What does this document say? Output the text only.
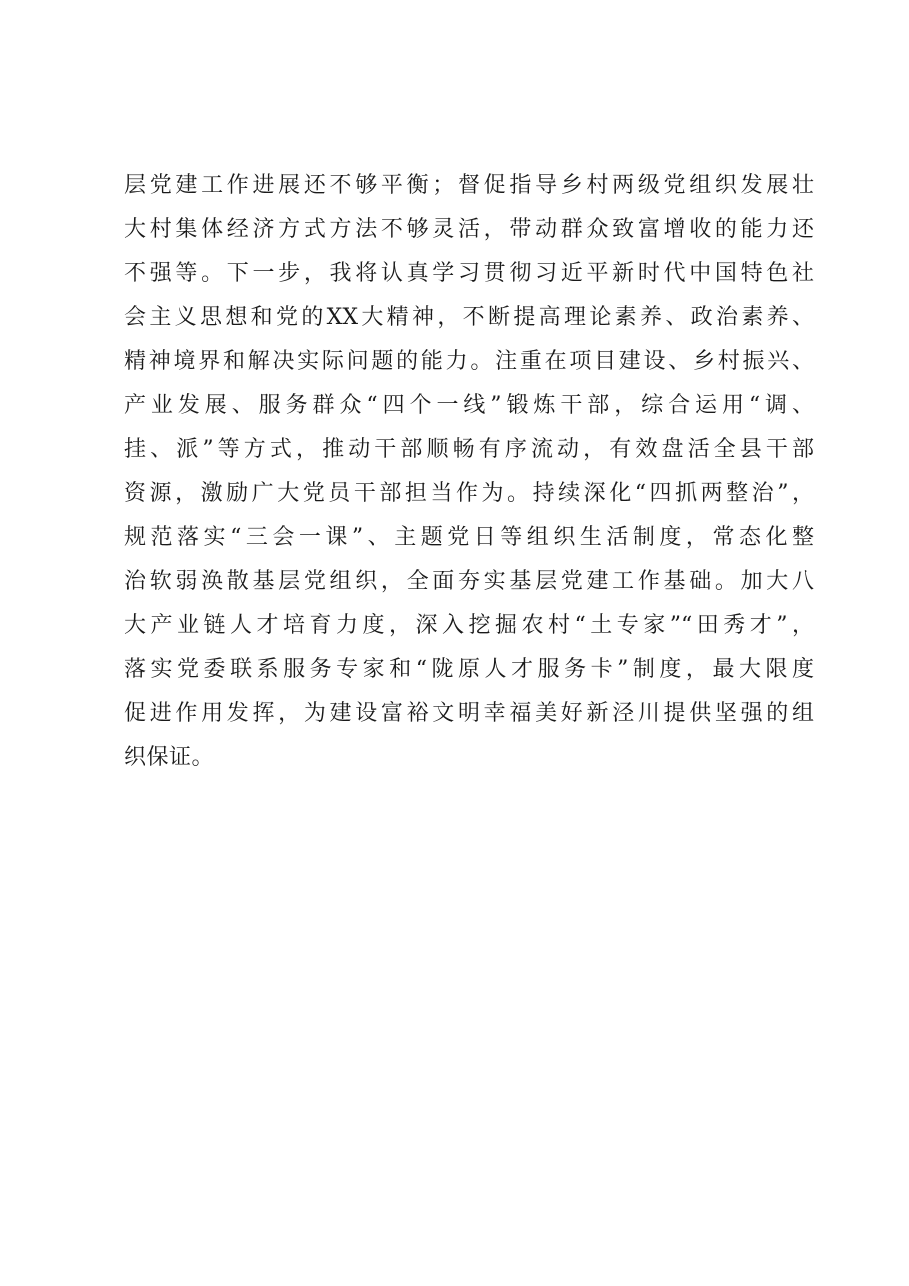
层党建工作进展还不够平衡；督促指导乡村两级党组织发展壮
大村集体经济方式方法不够灵活，带动群众致富增收的能力还
不强等。下一步，我将认真学习贯彻习近平新时代中国特色社
会主义思想和党的XX大精神，不断提高理论素养、政治素养、
精神境界和解决实际问题的能力。注重在项目建设、乡村振兴、
产业发展、服务群众“四个一线”锻炼干部，综合运用“调、
挂、派”等方式，推动干部顺畅有序流动，有效盘活全县干部
资源，激励广大党员干部担当作为。持续深化“四抓两整治”，
规范落实“三会一课”、主题党日等组织生活制度，常态化整
治软弱涣散基层党组织，全面夯实基层党建工作基础。加大八
大产业链人才培育力度，深入挖掘农村“土专家”“田秀才”，
落实党委联系服务专家和“陇原人才服务卡”制度，最大限度
促进作用发挥，为建设富裕文明幸福美好新泾川提供坚强的组
织保证。
